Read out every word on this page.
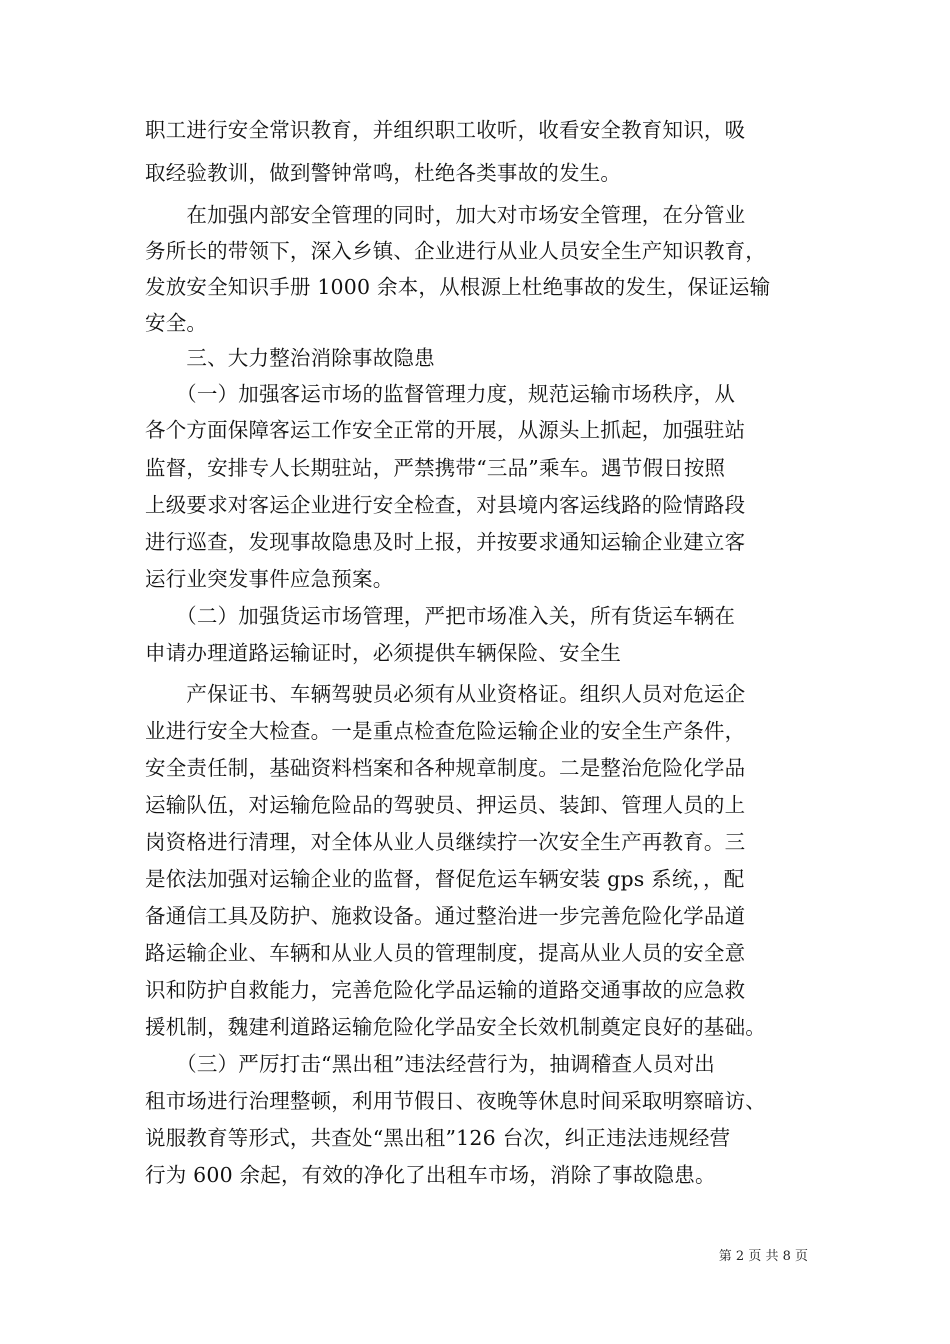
职工进行安全常识教育，并组织职工收听，收看安全教育知识，吸
取经验教训，做到警钟常鸣，杜绝各类事故的发生。
　　在加强内部安全管理的同时，加大对市场安全管理，在分管业
务所长的带领下，深入乡镇、企业进行从业人员安全生产知识教育，
发放安全知识手册 1000 余本，从根源上杜绝事故的发生，保证运输
安全。
　　三、大力整治消除事故隐患
　　（一）加强客运市场的监督管理力度，规范运输市场秩序，从
各个方面保障客运工作安全正常的开展，从源头上抓起，加强驻站
监督，安排专人长期驻站，严禁携带“三品”乘车。遇节假日按照
上级要求对客运企业进行安全检查，对县境内客运线路的险情路段
进行巡查，发现事故隐患及时上报，并按要求通知运输企业建立客
运行业突发事件应急预案。
　　（二）加强货运市场管理，严把市场准入关，所有货运车辆在
申请办理道路运输证时，必须提供车辆保险、安全生
　　产保证书、车辆驾驶员必须有从业资格证。组织人员对危运企
业进行安全大检查。一是重点检查危险运输企业的安全生产条件，
安全责任制，基础资料档案和各种规章制度。二是整治危险化学品
运输队伍，对运输危险品的驾驶员、押运员、装卸、管理人员的上
岗资格进行清理，对全体从业人员继续拧一次安全生产再教育。三
是依法加强对运输企业的监督，督促危运车辆安装 gps 系统，，配
备通信工具及防护、施救设备。通过整治进一步完善危险化学品道
路运输企业、车辆和从业人员的管理制度，提高从业人员的安全意
识和防护自救能力，完善危险化学品运输的道路交通事故的应急救
援机制，魏建利道路运输危险化学品安全长效机制奠定良好的基础。
　　（三）严厉打击“黑出租”违法经营行为，抽调稽查人员对出
租市场进行治理整顿，利用节假日、夜晚等休息时间采取明察暗访、
说服教育等形式，共查处“黑出租”126 台次，纠正违法违规经营
行为 600 余起，有效的净化了出租车市场，消除了事故隐患。
第 2 页 共 8 页
